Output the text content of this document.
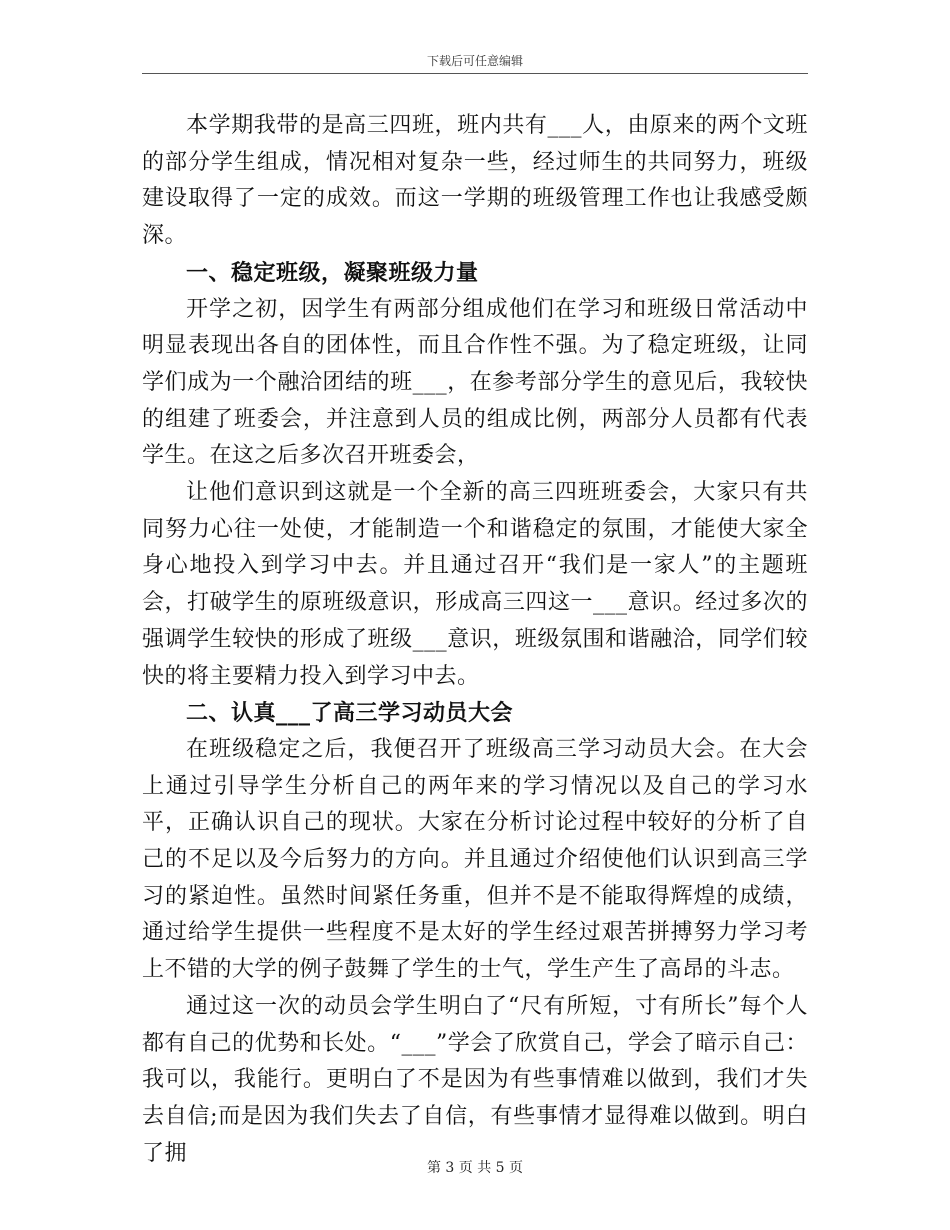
下载后可任意编辑

本学期我带的是高三四班，班内共有___人，由原来的两个文班的部分学生组成，情况相对复杂一些，经过师生的共同努力，班级建设取得了一定的成效。而这一学期的班级管理工作也让我感受颇深。

一、稳定班级，凝聚班级力量

开学之初，因学生有两部分组成他们在学习和班级日常活动中明显表现出各自的团体性，而且合作性不强。为了稳定班级，让同学们成为一个融洽团结的班___，在参考部分学生的意见后，我较快的组建了班委会，并注意到人员的组成比例，两部分人员都有代表学生。在这之后多次召开班委会，

让他们意识到这就是一个全新的高三四班班委会，大家只有共同努力心往一处使，才能制造一个和谐稳定的氛围，才能使大家全身心地投入到学习中去。并且通过召开“我们是一家人”的主题班会，打破学生的原班级意识，形成高三四这一___意识。经过多次的强调学生较快的形成了班级___意识，班级氛围和谐融洽，同学们较快的将主要精力投入到学习中去。

二、认真___了高三学习动员大会

在班级稳定之后，我便召开了班级高三学习动员大会。在大会上通过引导学生分析自己的两年来的学习情况以及自己的学习水平，正确认识自己的现状。大家在分析讨论过程中较好的分析了自己的不足以及今后努力的方向。并且通过介绍使他们认识到高三学习的紧迫性。虽然时间紧任务重，但并不是不能取得辉煌的成绩，通过给学生提供一些程度不是太好的学生经过艰苦拼搏努力学习考上不错的大学的例子鼓舞了学生的士气，学生产生了高昂的斗志。

通过这一次的动员会学生明白了“尺有所短，寸有所长”每个人都有自己的优势和长处。“___”学会了欣赏自己，学会了暗示自己：我可以，我能行。更明白了不是因为有些事情难以做到，我们才失去自信;而是因为我们失去了自信，有些事情才显得难以做到。明白了拥

第 3 页 共 5 页
